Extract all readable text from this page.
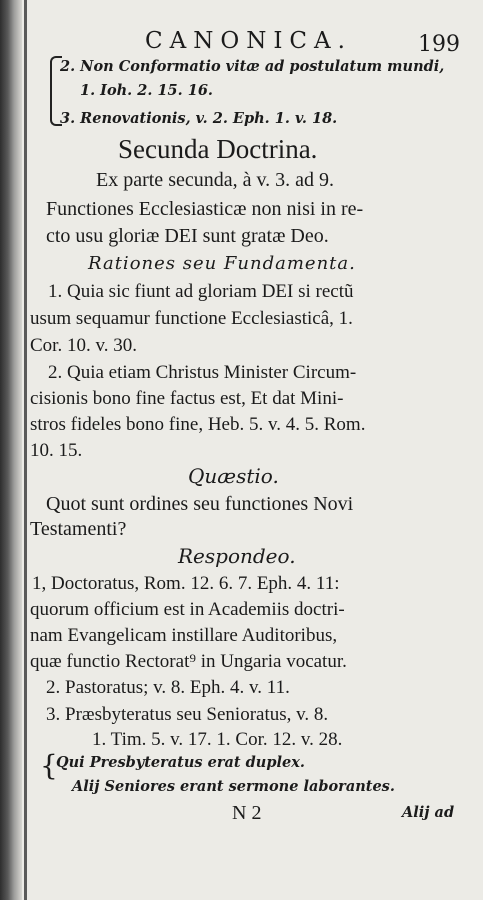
CANONICA.	199
2. Non Conformatio vitæ ad postulatum mundi,
1. Ioh. 2. 15. 16.
3. Renovationis, v. 2. Eph. 1. v. 18.
Secunda Doctrina.
Ex parte secunda, à v. 3. ad 9.
Functiones Ecclesiasticæ non nisi in re-
cto usu gloriæ DEI sunt gratæ Deo.
Rationes seu Fundamenta.
1. Quia sic fiunt ad gloriam DEI si rectũ
usum sequamur functione Ecclesiasticâ, 1.
Cor. 10. v. 30.
2. Quia etiam Christus Minister Circum-
cisionis bono fine factus est, Et dat Mini-
stros fideles bono fine, Heb. 5. v. 4. 5. Rom.
10. 15.
Quæstio.
Quot sunt ordines seu functiones Novi
Testamenti?
Respondeo.
1, Doctoratus, Rom. 12. 6. 7. Eph. 4. 11:
quorum officium est in Academiis doctri-
nam Evangelicam instillare Auditoribus,
quæ functio Rectorat⁹ in Ungaria vocatur.
2. Pastoratus; v. 8. Eph. 4. v. 11.
3. Præsbyteratus seu Senioratus, v. 8.
1. Tim. 5. v. 17. 1. Cor. 12. v. 28.
{
Qui Presbyteratus erat duplex.
Alij Seniores erant sermone laborantes.
N 2	Alij ad
